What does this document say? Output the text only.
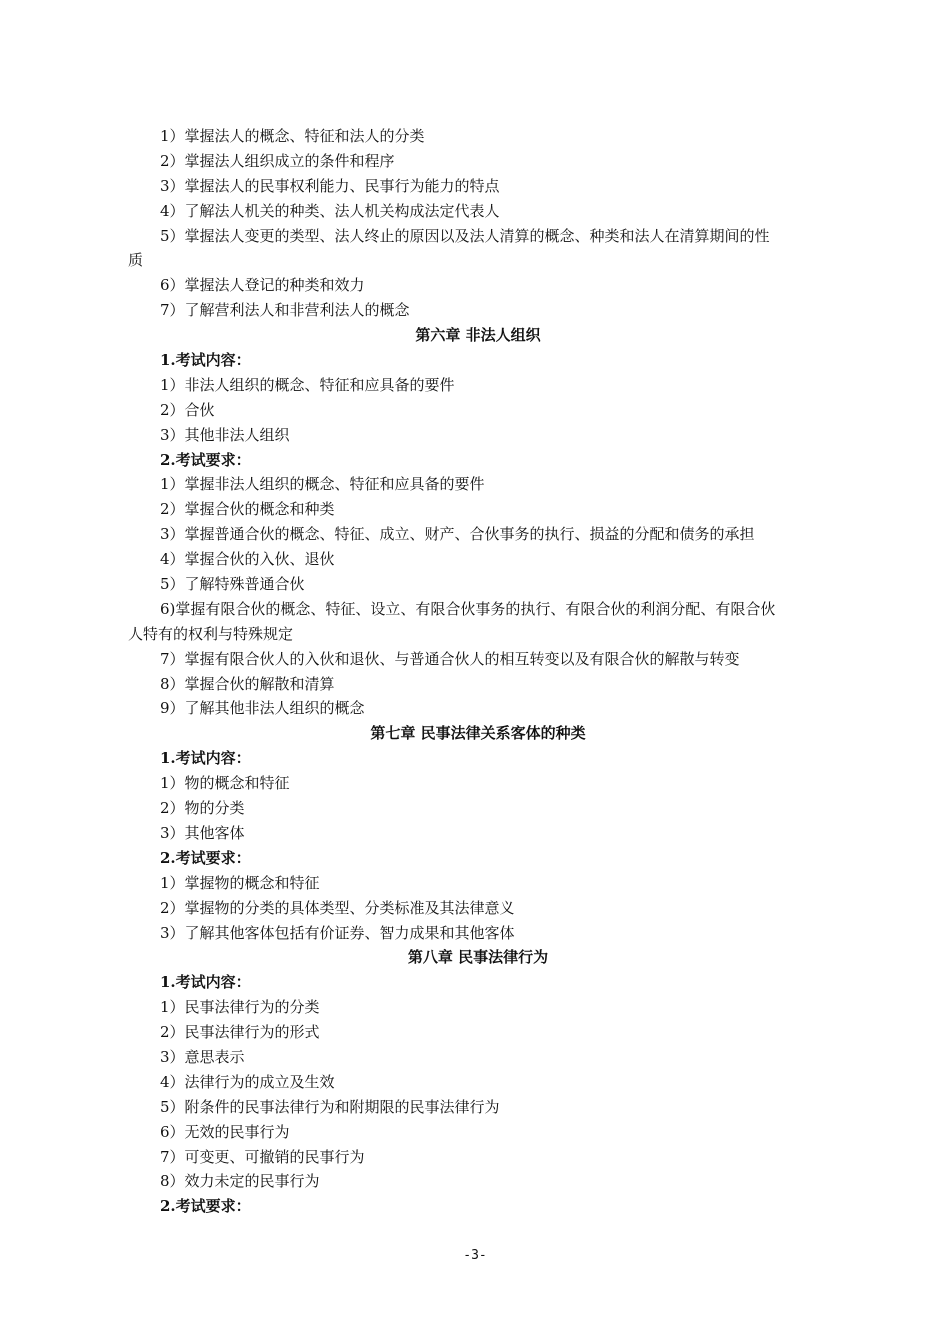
1）掌握法人的概念、特征和法人的分类
2）掌握法人组织成立的条件和程序
3）掌握法人的民事权利能力、民事行为能力的特点
4）了解法人机关的种类、法人机关构成法定代表人
5）掌握法人变更的类型、法人终止的原因以及法人清算的概念、种类和法人在清算期间的性
质
6）掌握法人登记的种类和效力
7）了解营利法人和非营利法人的概念
第六章 非法人组织
1.考试内容：
1）非法人组织的概念、特征和应具备的要件
2）合伙
3）其他非法人组织
2.考试要求：
1）掌握非法人组织的概念、特征和应具备的要件
2）掌握合伙的概念和种类
3）掌握普通合伙的概念、特征、成立、财产、合伙事务的执行、损益的分配和债务的承担
4）掌握合伙的入伙、退伙
5）了解特殊普通合伙
6)掌握有限合伙的概念、特征、设立、有限合伙事务的执行、有限合伙的利润分配、有限合伙
人特有的权利与特殊规定
7）掌握有限合伙人的入伙和退伙、与普通合伙人的相互转变以及有限合伙的解散与转变
8）掌握合伙的解散和清算
9）了解其他非法人组织的概念
第七章 民事法律关系客体的种类
1.考试内容：
1）物的概念和特征
2）物的分类
3）其他客体
2.考试要求：
1）掌握物的概念和特征
2）掌握物的分类的具体类型、分类标准及其法律意义
3）了解其他客体包括有价证券、智力成果和其他客体
第八章 民事法律行为
1.考试内容：
1）民事法律行为的分类
2）民事法律行为的形式
3）意思表示
4）法律行为的成立及生效
5）附条件的民事法律行为和附期限的民事法律行为
6）无效的民事行为
7）可变更、可撤销的民事行为
8）效力未定的民事行为
2.考试要求：
-3-
